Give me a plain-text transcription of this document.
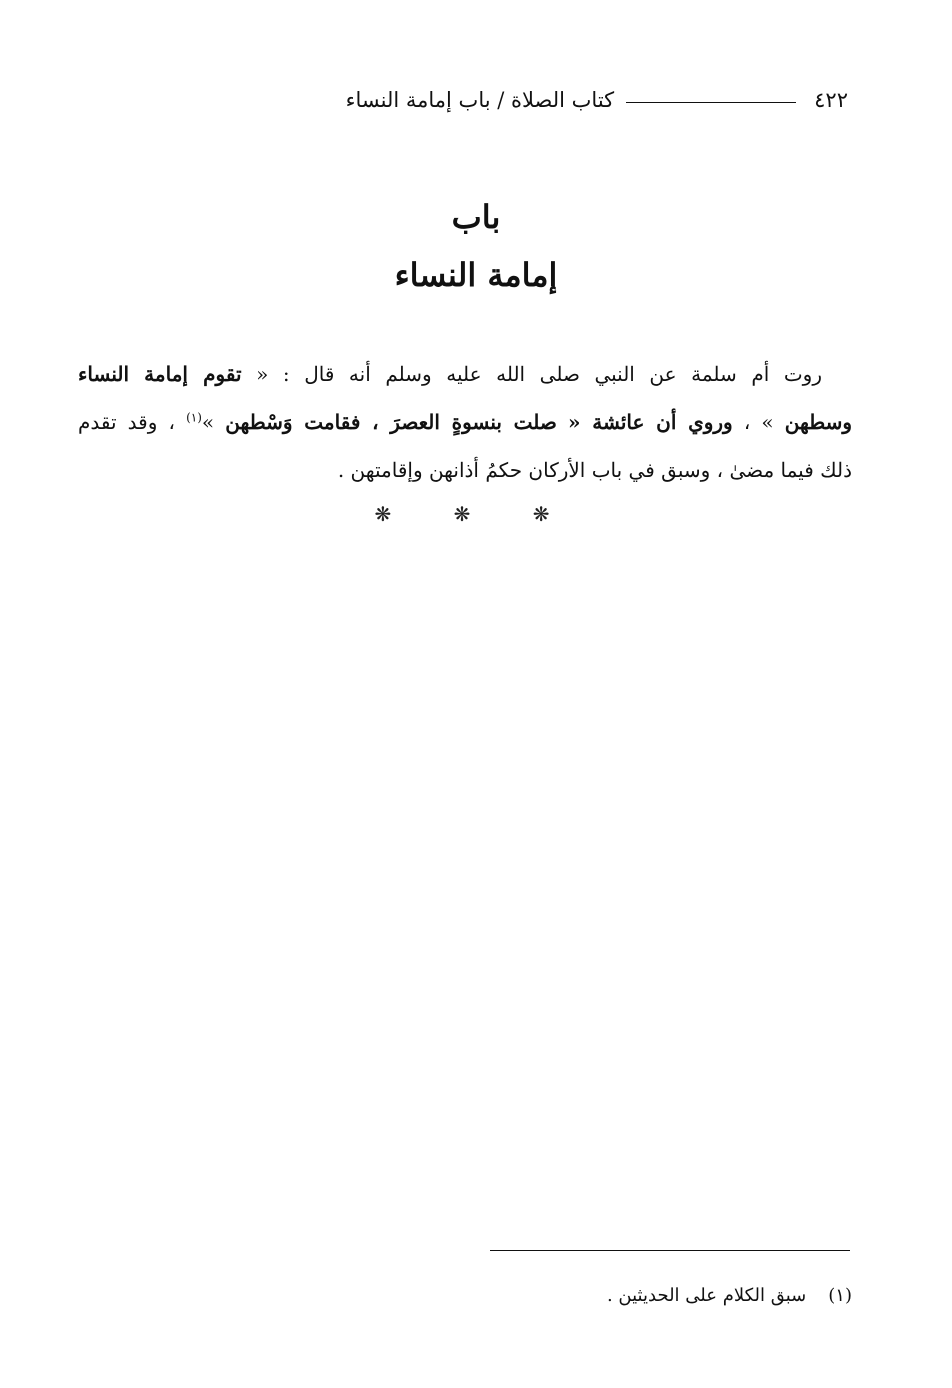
٤٢٢
كتاب الصلاة / باب إمامة النساء
باب
إمامة النساء
روت أم سلمة عن النبي صلى الله عليه وسلم أنه قال : « تقوم إمامة النساء
وسطهن » ، وروي أن عائشة « صلت بنسوةٍ العصرَ ، فقامت وَسْطهن »$^{(١)}$ ، وقد تقدم
ذلك فيما مضىٰ ، وسبق في باب الأركان حكمُ أذانهن وإقامتهن .
❋ ❋ ❋
(١)سبق الكلام على الحديثين .
